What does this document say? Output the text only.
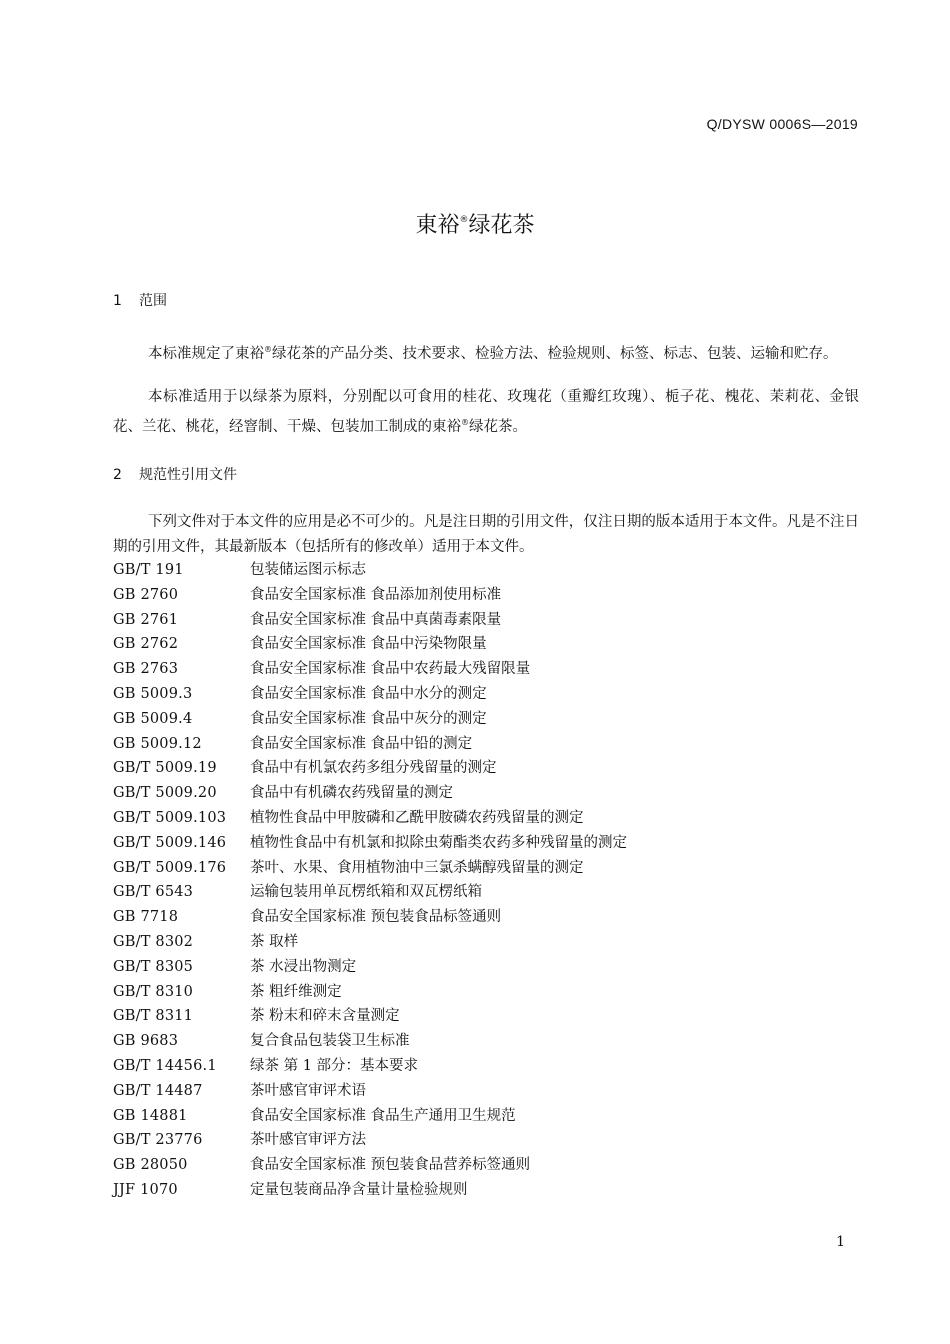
Q/DYSW 0006S—2019
東裕®绿花茶
1 范围
本标准规定了東裕®绿花茶的产品分类、技术要求、检验方法、检验规则、标签、标志、包装、运输和贮存。
本标准适用于以绿茶为原料，分别配以可食用的桂花、玫瑰花（重瓣红玫瑰）、栀子花、槐花、茉莉花、金银花、兰花、桃花，经窨制、干燥、包装加工制成的東裕®绿花茶。
2 规范性引用文件
下列文件对于本文件的应用是必不可少的。凡是注日期的引用文件，仅注日期的版本适用于本文件。凡是不注日期的引用文件，其最新版本（包括所有的修改单）适用于本文件。
GB/T 191	包装储运图示标志
GB 2760	食品安全国家标准 食品添加剂使用标准
GB 2761	食品安全国家标准 食品中真菌毒素限量
GB 2762	食品安全国家标准 食品中污染物限量
GB 2763	食品安全国家标准 食品中农药最大残留限量
GB 5009.3	食品安全国家标准 食品中水分的测定
GB 5009.4	食品安全国家标准 食品中灰分的测定
GB 5009.12	食品安全国家标准 食品中铅的测定
GB/T 5009.19 食品中有机氯农药多组分残留量的测定
GB/T 5009.20 食品中有机磷农药残留量的测定
GB/T 5009.103 植物性食品中甲胺磷和乙酰甲胺磷农药残留量的测定
GB/T 5009.146 植物性食品中有机氯和拟除虫菊酯类农药多种残留量的测定
GB/T 5009.176 茶叶、水果、食用植物油中三氯杀螨醇残留量的测定
GB/T 6543	运输包装用单瓦楞纸箱和双瓦楞纸箱
GB 7718	食品安全国家标准 预包装食品标签通则
GB/T 8302	茶 取样
GB/T 8305	茶 水浸出物测定
GB/T 8310	茶 粗纤维测定
GB/T 8311	茶 粉末和碎末含量测定
GB 9683	复合食品包装袋卫生标准
GB/T 14456.1 绿茶 第 1 部分：基本要求
GB/T 14487	茶叶感官审评术语
GB 14881	食品安全国家标准 食品生产通用卫生规范
GB/T 23776	茶叶感官审评方法
GB 28050	食品安全国家标准 预包装食品营养标签通则
JJF 1070	定量包装商品净含量计量检验规则
1
